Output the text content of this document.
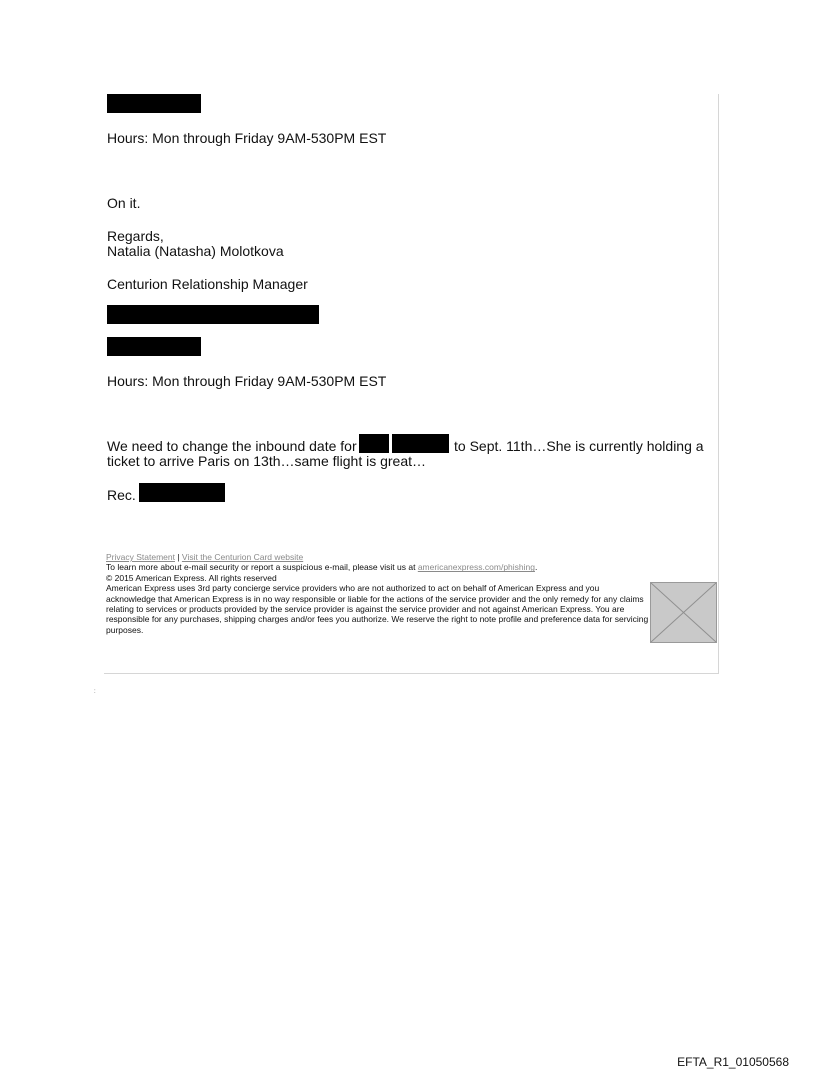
Hours: Mon through Friday 9AM-530PM EST
On it.
Regards,
Natalia (Natasha) Molotkova
Centurion Relationship Manager
Hours: Mon through Friday 9AM-530PM EST
We need to change the inbound date for	to Sept. 11th…She is currently holding a
ticket to arrive Paris on 13th…same flight is great…
Rec.
Privacy Statement | Visit the Centurion Card website
To learn more about e-mail security or report a suspicious e-mail, please visit us at americanexpress.com/phishing.
© 2015 American Express. All rights reserved
American Express uses 3rd party concierge service providers who are not authorized to act on behalf of American Express and you acknowledge that American Express is in no way responsible or liable for the actions of the service provider and the only remedy for any claims relating to services or products provided by the service provider is against the service provider and not against American Express. You are responsible for any purchases, shipping charges and/or fees you authorize. We reserve the right to note profile and preference data for servicing purposes.
:
EFTA_R1_01050568
